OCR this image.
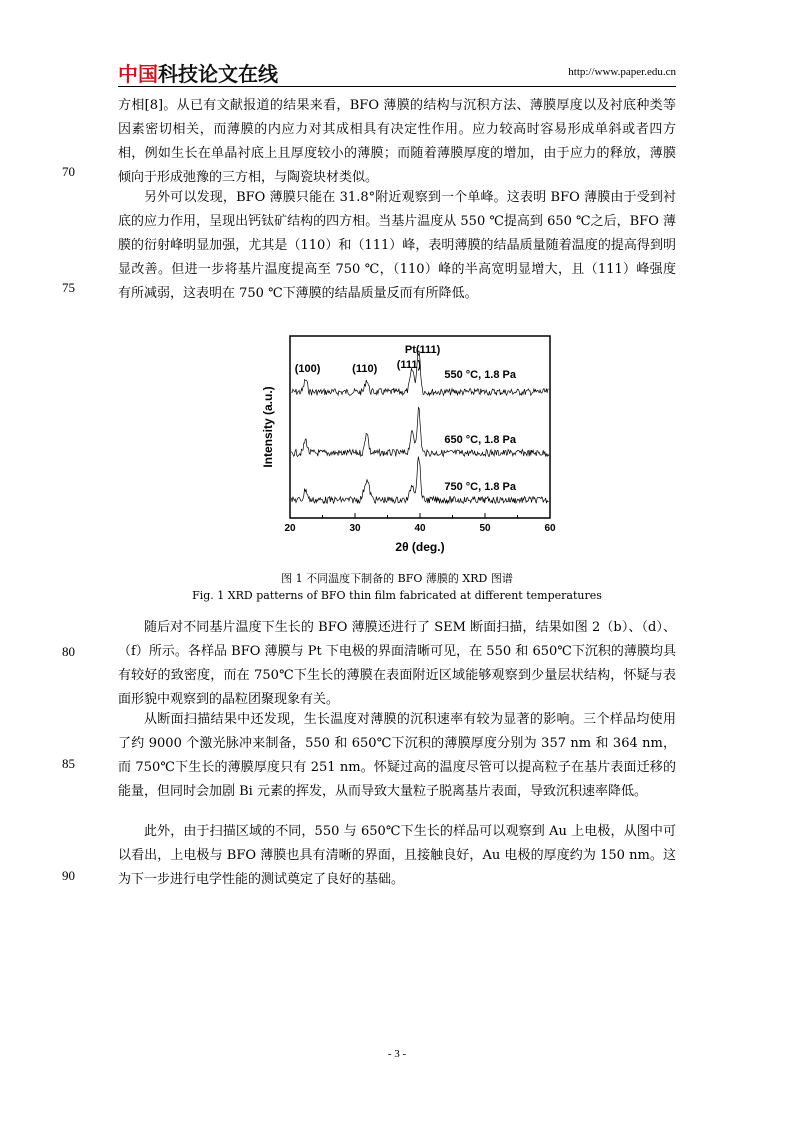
中国科技论文在线	http://www.paper.edu.cn
方相[8]。从已有文献报道的结果来看，BFO 薄膜的结构与沉积方法、薄膜厚度以及衬底种类等因素密切相关，而薄膜的内应力对其成相具有决定性作用。应力较高时容易形成单斜或者四方相，例如生长在单晶衬底上且厚度较小的薄膜；而随着薄膜厚度的增加，由于应力的释放，薄膜倾向于形成弛豫的三方相，与陶瓷块材类似。
另外可以发现，BFO 薄膜只能在 31.8°附近观察到一个单峰。这表明 BFO 薄膜由于受到衬底的应力作用，呈现出钙钛矿结构的四方相。当基片温度从 550 ℃提高到 650 ℃之后，BFO 薄膜的衍射峰明显加强，尤其是（110）和（111）峰，表明薄膜的结晶质量随着温度的提高得到明显改善。但进一步将基片温度提高至 750 ℃，（110）峰的半高宽明显增大，且（111）峰强度有所减弱，这表明在 750 ℃下薄膜的结晶质量反而有所降低。
70
75
20	30	40	50	60
2θ (deg.)
Intensity (a.u.)
550 °C, 1.8 Pa
650 °C, 1.8 Pa
750 °C, 1.8 Pa
(100)	(110) (111)
Pt(111)
图 1 不同温度下制备的 BFO 薄膜的 XRD 图谱
Fig. 1 XRD patterns of BFO thin film fabricated at different temperatures
随后对不同基片温度下生长的 BFO 薄膜还进行了 SEM 断面扫描，结果如图 2（b）、（d）、（f）所示。各样品 BFO 薄膜与 Pt 下电极的界面清晰可见，在 550 和 650℃下沉积的薄膜均具有较好的致密度，而在 750℃下生长的薄膜在表面附近区域能够观察到少量层状结构，怀疑与表面形貌中观察到的晶粒团聚现象有关。
从断面扫描结果中还发现，生长温度对薄膜的沉积速率有较为显著的影响。三个样品均使用了约 9000 个激光脉冲来制备，550 和 650℃下沉积的薄膜厚度分别为 357 nm 和 364 nm，而 750℃下生长的薄膜厚度只有 251 nm。怀疑过高的温度尽管可以提高粒子在基片表面迁移的能量，但同时会加剧 Bi 元素的挥发，从而导致大量粒子脱离基片表面，导致沉积速率降低。
此外，由于扫描区域的不同，550 与 650℃下生长的样品可以观察到 Au 上电极，从图中可以看出，上电极与 BFO 薄膜也具有清晰的界面，且接触良好，Au 电极的厚度约为 150 nm。这为下一步进行电学性能的测试奠定了良好的基础。
80
85
90
- 3 -
